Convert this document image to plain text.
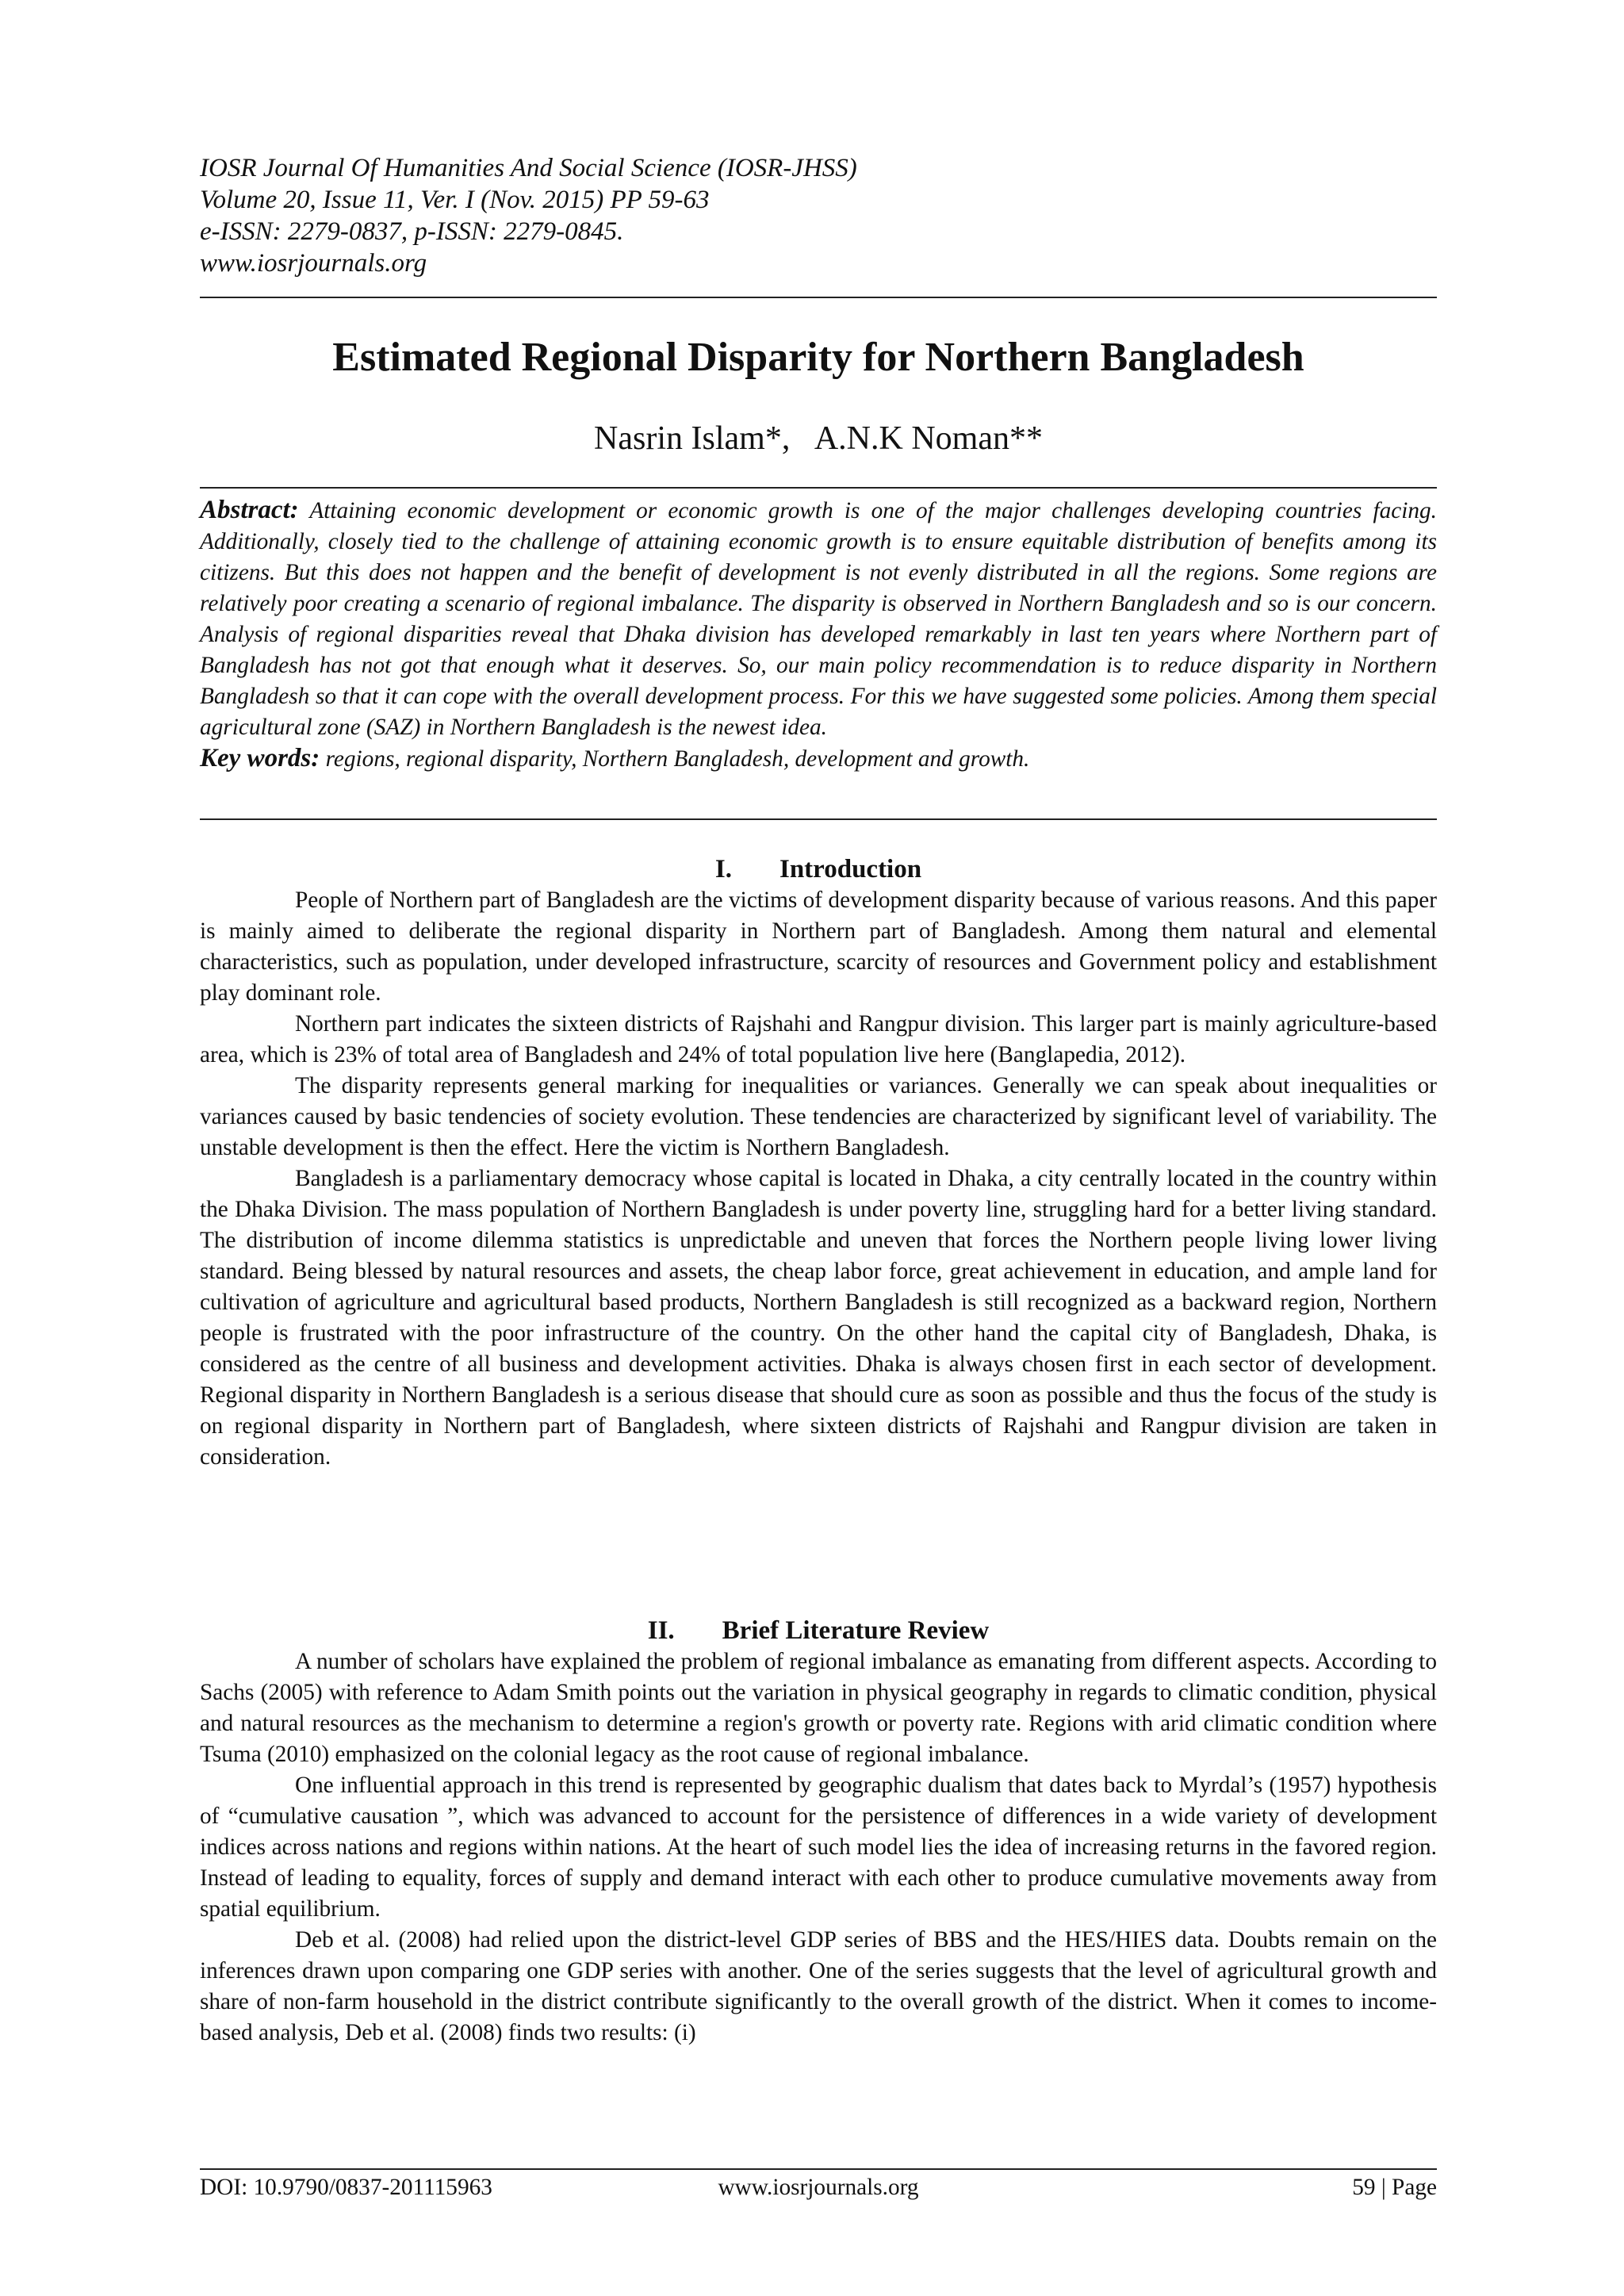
IOSR Journal Of Humanities And Social Science (IOSR-JHSS)
Volume 20, Issue 11, Ver. I (Nov. 2015) PP 59-63
e-ISSN: 2279-0837, p-ISSN: 2279-0845.
www.iosrjournals.org
Estimated Regional Disparity for Northern Bangladesh
Nasrin Islam*, A.N.K Noman**
Abstract: Attaining economic development or economic growth is one of the major challenges developing countries facing. Additionally, closely tied to the challenge of attaining economic growth is to ensure equitable distribution of benefits among its citizens. But this does not happen and the benefit of development is not evenly distributed in all the regions. Some regions are relatively poor creating a scenario of regional imbalance. The disparity is observed in Northern Bangladesh and so is our concern. Analysis of regional disparities reveal that Dhaka division has developed remarkably in last ten years where Northern part of Bangladesh has not got that enough what it deserves. So, our main policy recommendation is to reduce disparity in Northern Bangladesh so that it can cope with the overall development process. For this we have suggested some policies. Among them special agricultural zone (SAZ) in Northern Bangladesh is the newest idea.
Key words: regions, regional disparity, Northern Bangladesh, development and growth.
I. Introduction

People of Northern part of Bangladesh are the victims of development disparity because of various reasons. And this paper is mainly aimed to deliberate the regional disparity in Northern part of Bangladesh. Among them natural and elemental characteristics, such as population, under developed infrastructure, scarcity of resources and Government policy and establishment play dominant role.

Northern part indicates the sixteen districts of Rajshahi and Rangpur division. This larger part is mainly agriculture-based area, which is 23% of total area of Bangladesh and 24% of total population live here (Banglapedia, 2012).

The disparity represents general marking for inequalities or variances. Generally we can speak about inequalities or variances caused by basic tendencies of society evolution. These tendencies are characterized by significant level of variability. The unstable development is then the effect. Here the victim is Northern Bangladesh.

Bangladesh is a parliamentary democracy whose capital is located in Dhaka, a city centrally located in the country within the Dhaka Division. The mass population of Northern Bangladesh is under poverty line, struggling hard for a better living standard. The distribution of income dilemma statistics is unpredictable and uneven that forces the Northern people living lower living standard. Being blessed by natural resources and assets, the cheap labor force, great achievement in education, and ample land for cultivation of agriculture and agricultural based products, Northern Bangladesh is still recognized as a backward region, Northern people is frustrated with the poor infrastructure of the country. On the other hand the capital city of Bangladesh, Dhaka, is considered as the centre of all business and development activities. Dhaka is always chosen first in each sector of development. Regional disparity in Northern Bangladesh is a serious disease that should cure as soon as possible and thus the focus of the study is on regional disparity in Northern part of Bangladesh, where sixteen districts of Rajshahi and Rangpur division are taken in consideration.

II. Brief Literature Review

A number of scholars have explained the problem of regional imbalance as emanating from different aspects. According to Sachs (2005) with reference to Adam Smith points out the variation in physical geography in regards to climatic condition, physical and natural resources as the mechanism to determine a region's growth or poverty rate. Regions with arid climatic condition where Tsuma (2010) emphasized on the colonial legacy as the root cause of regional imbalance.

One influential approach in this trend is represented by geographic dualism that dates back to Myrdal’s (1957) hypothesis of “cumulative causation ”, which was advanced to account for the persistence of differences in a wide variety of development indices across nations and regions within nations. At the heart of such model lies the idea of increasing returns in the favored region. Instead of leading to equality, forces of supply and demand interact with each other to produce cumulative movements away from spatial equilibrium.

Deb et al. (2008) had relied upon the district-level GDP series of BBS and the HES/HIES data. Doubts remain on the inferences drawn upon comparing one GDP series with another. One of the series suggests that the level of agricultural growth and share of non-farm household in the district contribute significantly to the overall growth of the district. When it comes to income-based analysis, Deb et al. (2008) finds two results: (i)

DOI: 10.9790/0837-201115963	www.iosrjournals.org	59 | Page
